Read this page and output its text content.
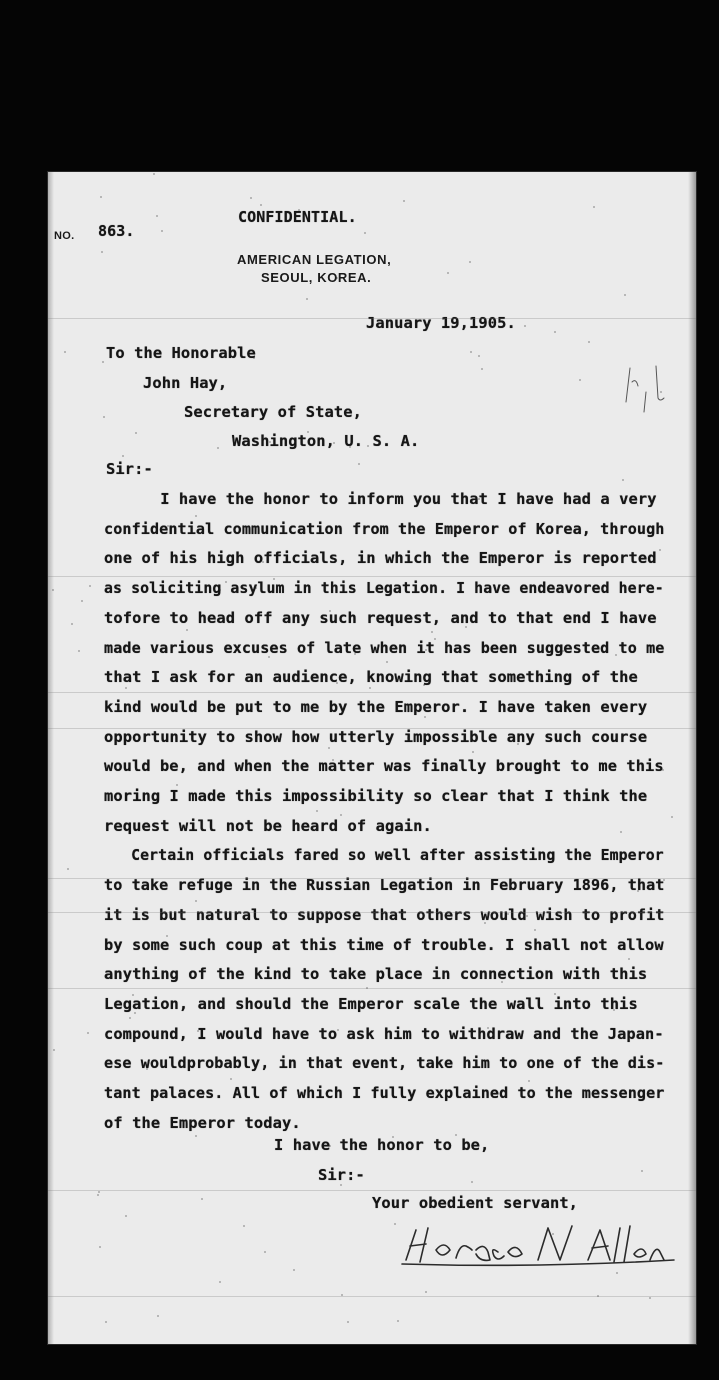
NO. 863.
CONFIDENTIAL.
AMERICAN LEGATION,
SEOUL, KOREA.
January 19,1905.
To the Honorable
John Hay,
Secretary of State,
Washington, U. S. A.
Sir:-
I have the honor to inform you that I have had a very
confidential communication from the Emperor of Korea, through
one of his high officials, in which the Emperor is reported
as soliciting asylum in this Legation. I have endeavored here-
tofore to head off any such request, and to that end I have
made various excuses of late when it has been suggested to me
that I ask for an audience, knowing that something of the
kind would be put to me by the Emperor. I have taken every
opportunity to show how utterly impossible any such course
would be, and when the matter was finally brought to me this
moring I made this impossibility so clear that I think the
request will not be heard of again.
Certain officials fared so well after assisting the Emperor
to take refuge in the Russian Legation in February 1896, that
it is but natural to suppose that others would wish to profit
by some such coup at this time of trouble. I shall not allow
anything of the kind to take place in connection with this
Legation, and should the Emperor scale the wall into this
compound, I would have to ask him to withdraw and the Japan-
ese wouldprobably, in that event, take him to one of the dis-
tant palaces. All of which I fully explained to the messenger
of the Emperor today.
I have the honor to be,
Sir:-
Your obedient servant,
